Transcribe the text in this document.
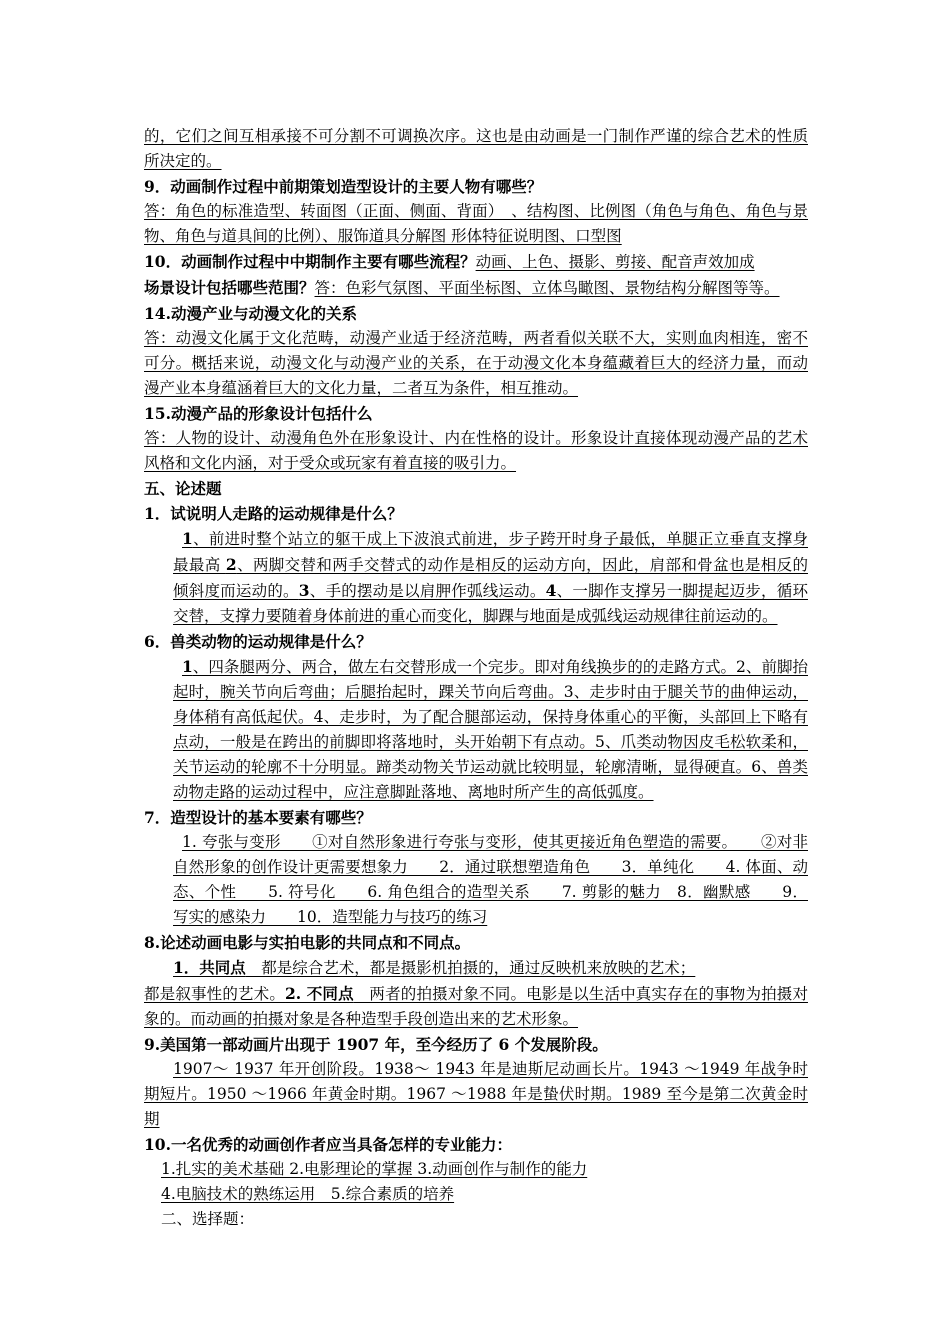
的，它们之间互相承接不可分割不可调换次序。这也是由动画是一门制作严谨的综合艺术的性质所决定的。

9．动画制作过程中前期策划造型设计的主要人物有哪些？

答：角色的标准造型、转面图（正面、侧面、背面）　、结构图、比例图（角色与角色、角色与景物、角色与道具间的比例）、服饰道具分解图 形体特征说明图、口型图

10．动画制作过程中中期制作主要有哪些流程？动画、上色、摄影、剪接、配音声效加成

场景设计包括哪些范围？答：色彩气氛图、平面坐标图、立体鸟瞰图、景物结构分解图等等。

14.动漫产业与动漫文化的关系

答：动漫文化属于文化范畴，动漫产业适于经济范畴，两者看似关联不大，实则血肉相连，密不可分。概括来说，动漫文化与动漫产业的关系，在于动漫文化本身蕴藏着巨大的经济力量，而动漫产业本身蕴涵着巨大的文化力量，二者互为条件，相互推动。

15.动漫产品的形象设计包括什么

答：人物的设计、动漫角色外在形象设计、内在性格的设计。形象设计直接体现动漫产品的艺术风格和文化内涵，对于受众或玩家有着直接的吸引力。

五、论述题

1．试说明人走路的运动规律是什么？

1、前进时整个站立的躯干成上下波浪式前进，步子跨开时身子最低，单腿正立垂直支撑身最最高 2、两脚交替和两手交替式的动作是相反的运动方向，因此，肩部和骨盆也是相反的倾斜度而运动的。3、手的摆动是以肩胛作弧线运动。4、一脚作支撑另一脚提起迈步，循环交替，支撑力要随着身体前进的重心而变化，脚踝与地面是成弧线运动规律往前运动的。

6．兽类动物的运动规律是什么？

1、四条腿两分、两合，做左右交替形成一个完步。即对角线换步的的走路方式。2、前脚抬起时，腕关节向后弯曲；后腿抬起时，踝关节向后弯曲。3、走步时由于腿关节的曲伸运动，身体稍有高低起伏。4、走步时，为了配合腿部运动，保持身体重心的平衡，头部回上下略有点动，一般是在跨出的前脚即将落地时，头开始朝下有点动。5、爪类动物因皮毛松软柔和，关节运动的轮廓不十分明显。蹄类动物关节运动就比较明显，轮廓清晰，显得硬直。6、兽类动物走路的运动过程中，应注意脚趾落地、离地时所产生的高低弧度。

7．造型设计的基本要素有哪些？

1. 夸张与变形　　①对自然形象进行夸张与变形，使其更接近角色塑造的需要。　　②对非自然形象的创作设计更需要想象力　　2．通过联想塑造角色　　3．单纯化　　4. 体面、动态、个性　　5. 符号化　　6. 角色组合的造型关系　　7. 剪影的魅力　8．幽默感　　9．写实的感染力　　10．造型能力与技巧的练习

8.论述动画电影与实拍电影的共同点和不同点。

1．共同点　都是综合艺术，都是摄影机拍摄的，通过反映机来放映的艺术；

都是叙事性的艺术。2. 不同点　两者的拍摄对象不同。电影是以生活中真实存在的事物为拍摄对象的。而动画的拍摄对象是各种造型手段创造出来的艺术形象。

9.美国第一部动画片出现于 1907 年，至今经历了 6 个发展阶段。

1907～ 1937 年开创阶段。1938～ 1943 年是迪斯尼动画长片。1943 ～1949 年战争时期短片。1950 ～1966 年黄金时期。1967 ～1988 年是蛰伏时期。1989 至今是第二次黄金时期

10.一名优秀的动画创作者应当具备怎样的专业能力：

1.扎实的美术基础 2.电影理论的掌握 3.动画创作与制作的能力

4.电脑技术的熟练运用　5.综合素质的培养

二、选择题：
